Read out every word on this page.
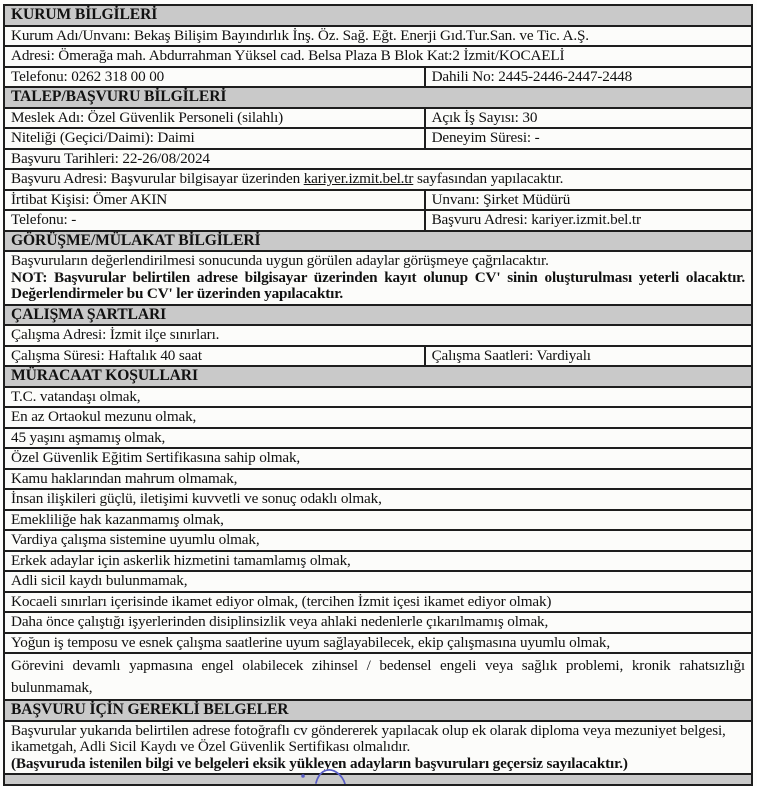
KURUM BİLGİLERİ
Kurum Adı/Unvanı: Bekaş Bilişim Bayındırlık İnş. Öz. Sağ. Eğt. Enerji Gıd.Tur.San. ve Tic. A.Ş.
Adresi: Ömerağa mah. Abdurrahman Yüksel cad. Belsa Plaza B Blok Kat:2 İzmit/KOCAELİ
Telefonu: 0262 318 00 00	Dahili No: 2445-2446-2447-2448
TALEP/BAŞVURU BİLGİLERİ
Meslek Adı: Özel Güvenlik Personeli (silahlı)	Açık İş Sayısı: 30
Niteliği (Geçici/Daimi): Daimi	Deneyim Süresi: -
Başvuru Tarihleri: 22-26/08/2024
Başvuru Adresi: Başvurular bilgisayar üzerinden kariyer.izmit.bel.tr sayfasından yapılacaktır.
İrtibat Kişisi: Ömer AKIN	Unvanı: Şirket Müdürü
Telefonu: -	Başvuru Adresi: kariyer.izmit.bel.tr
GÖRÜŞME/MÜLAKAT BİLGİLERİ
Başvuruların değerlendirilmesi sonucunda uygun görülen adaylar görüşmeye çağrılacaktır.
NOT: Başvurular belirtilen adrese bilgisayar üzerinden kayıt olunup CV' sinin oluşturulması yeterli olacaktır. Değerlendirmeler bu CV' ler üzerinden yapılacaktır.
ÇALIŞMA ŞARTLARI
Çalışma Adresi: İzmit ilçe sınırları.
Çalışma Süresi: Haftalık 40 saat	Çalışma Saatleri: Vardiyalı
MÜRACAAT KOŞULLARI
T.C. vatandaşı olmak,
En az Ortaokul mezunu olmak,
45 yaşını aşmamış olmak,
Özel Güvenlik Eğitim Sertifikasına sahip olmak,
Kamu haklarından mahrum olmamak,
İnsan ilişkileri güçlü, iletişimi kuvvetli ve sonuç odaklı olmak,
Emekliliğe hak kazanmamış olmak,
Vardiya çalışma sistemine uyumlu olmak,
Erkek adaylar için askerlik hizmetini tamamlamış olmak,
Adli sicil kaydı bulunmamak,
Kocaeli sınırları içerisinde ikamet ediyor olmak, (tercihen İzmit içesi ikamet ediyor olmak)
Daha önce çalıştığı işyerlerinden disiplinsizlik veya ahlaki nedenlerle çıkarılmamış olmak,
Yoğun iş temposu ve esnek çalışma saatlerine uyum sağlayabilecek, ekip çalışmasına uyumlu olmak,
Görevini devamlı yapmasına engel olabilecek zihinsel / bedensel engeli veya sağlık problemi, kronik rahatsızlığı bulunmamak,
BAŞVURU İÇİN GEREKLİ BELGELER
Başvurular yukarıda belirtilen adrese fotoğraflı cv göndererek yapılacak olup ek olarak diploma veya mezuniyet belgesi, ikametgah, Adli Sicil Kaydı ve Özel Güvenlik Sertifikası olmalıdır.
(Başvuruda istenilen bilgi ve belgeleri eksik yükleyen adayların başvuruları geçersiz sayılacaktır.)
